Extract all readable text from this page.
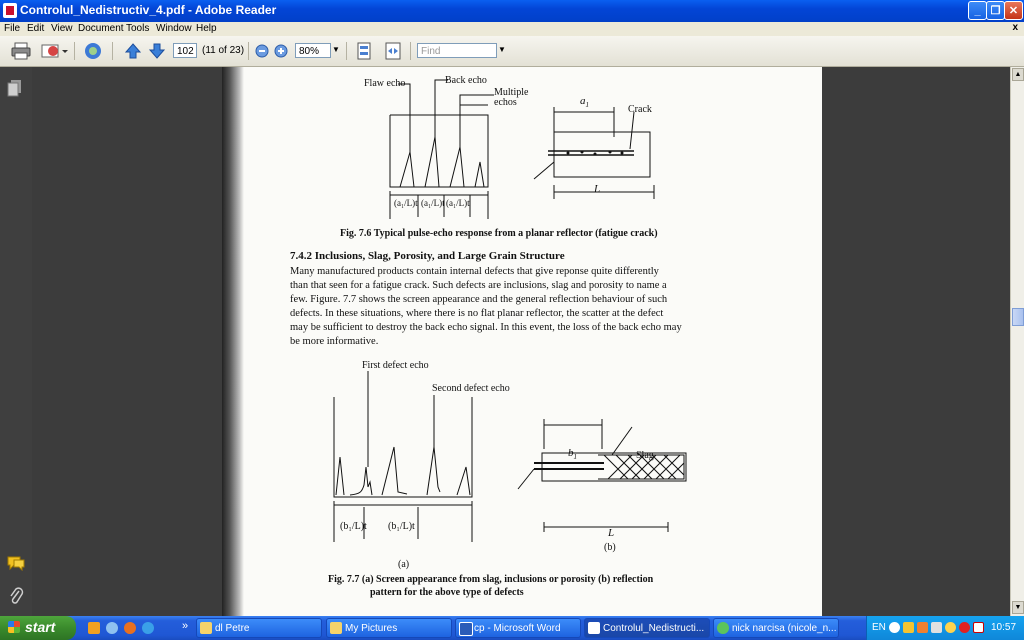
Controlul_Nedistructiv_4.pdf - Adobe Reader	_ ❐ ✕
File Edit View Document Tools Window Help	x
102 (11 of 23)	80%	▼	Find	▼
Flaw echo	Back echo
Multiple
echos
(a₁/L)t (a₁/L)t (a₁/L)t
$a_1$	Crack
L
Fig. 7.6 Typical pulse-echo response from a planar reflector (fatigue crack)
7.4.2 Inclusions, Slag, Porosity, and Large Grain Structure
Many manufactured products contain internal defects that give reponse quite differently
than that seen for a fatigue crack. Such defects are inclusions, slag and porosity to name a
few. Figure. 7.7 shows the screen appearance and the general reflection behaviour of such
defects. In these situations, where there is no flat planar reflector, the scatter at the defect
may be sufficient to destroy the back echo signal. In this event, the loss of the back echo may
be more informative.
First defect echo
Second defect echo
(b₁/L)t (b₁/L)t
(a)
$b_1$	Slag
L
(b)
Fig. 7.7 (a) Screen appearance from slag, inclusions or porosity (b) reflection
pattern for the above type of defects
▲
▼
start	»	dl Petre	My Pictures	cp - Microsoft Word	Controlul_Nedistructi...	nick narcisa (nicole_n...	EN	10:57
